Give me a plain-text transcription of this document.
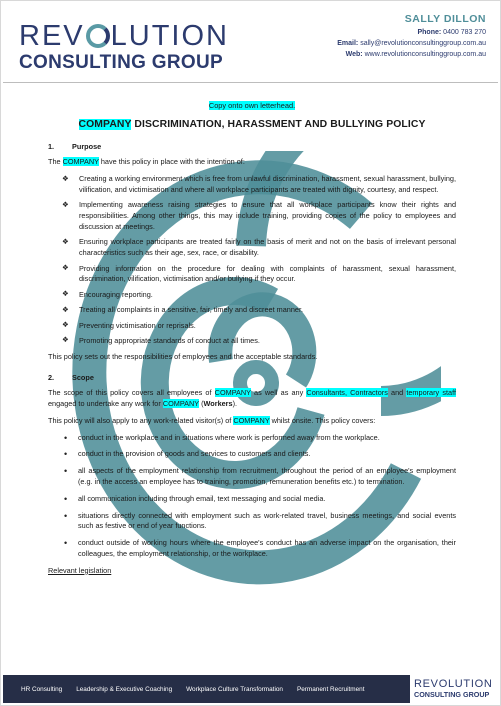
REV LUTION
CONSULTING GROUP
SALLY DILLON
Phone: 0400 783 270
Email: sally@revolutionconsultinggroup.com.au
Web: www.revolutionconsultinggroup.com.au
Copy onto own letterhead.
COMPANY DISCRIMINATION, HARASSMENT AND BULLYING POLICY
1.	Purpose

The COMPANY have this policy in place with the intention of:

❖ Creating a working environment which is free from unlawful discrimination, harassment, sexual harassment, bullying, vilification, and victimisation and where all workplace participants are treated with dignity, courtesy, and respect.
❖ Implementing awareness raising strategies to ensure that all workplace participants know their rights and responsibilities. Among other things, this may include training, providing copies of the policy to employees and discussion at meetings.
❖ Ensuring workplace participants are treated fairly on the basis of merit and not on the basis of irrelevant personal characteristics such as their age, sex, race, or disability.
❖ Providing information on the procedure for dealing with complaints of harassment, sexual harassment, discrimination, vilification, victimisation and/or bullying if they occur.
❖ Encouraging reporting.
❖ Treating all complaints in a sensitive, fair, timely and discreet manner.
❖ Preventing victimisation or reprisals.
❖ Promoting appropriate standards of conduct at all times.

This policy sets out the responsibilities of employees and the acceptable standards.

2.	Scope

The scope of this policy covers all employees of COMPANY as well as any Consultants, Contractors and temporary staff engaged to undertake any work for COMPANY (Workers).

This policy will also apply to any work-related visitor(s) of COMPANY whilst onsite. This policy covers:

• conduct in the workplace and in situations where work is performed away from the workplace.
• conduct in the provision of goods and services to customers and clients.
• all aspects of the employment relationship from recruitment, throughout the period of an employee's employment (e.g. in the access an employee has to training, promotion, remuneration benefits etc.) to termination.
• all communication including through email, text messaging and social media.
• situations directly connected with employment such as work-related travel, business meetings, and social events such as festive or end of year functions.
• conduct outside of working hours where the employee's conduct has an adverse impact on the organisation, their colleagues, the employment relationship, or the workplace.
Relevant legislation
HR Consulting Leadership & Executive Coaching Workplace Culture Transformation Permanent Recruitment	REVOLUTION
CONSULTING GROUP
